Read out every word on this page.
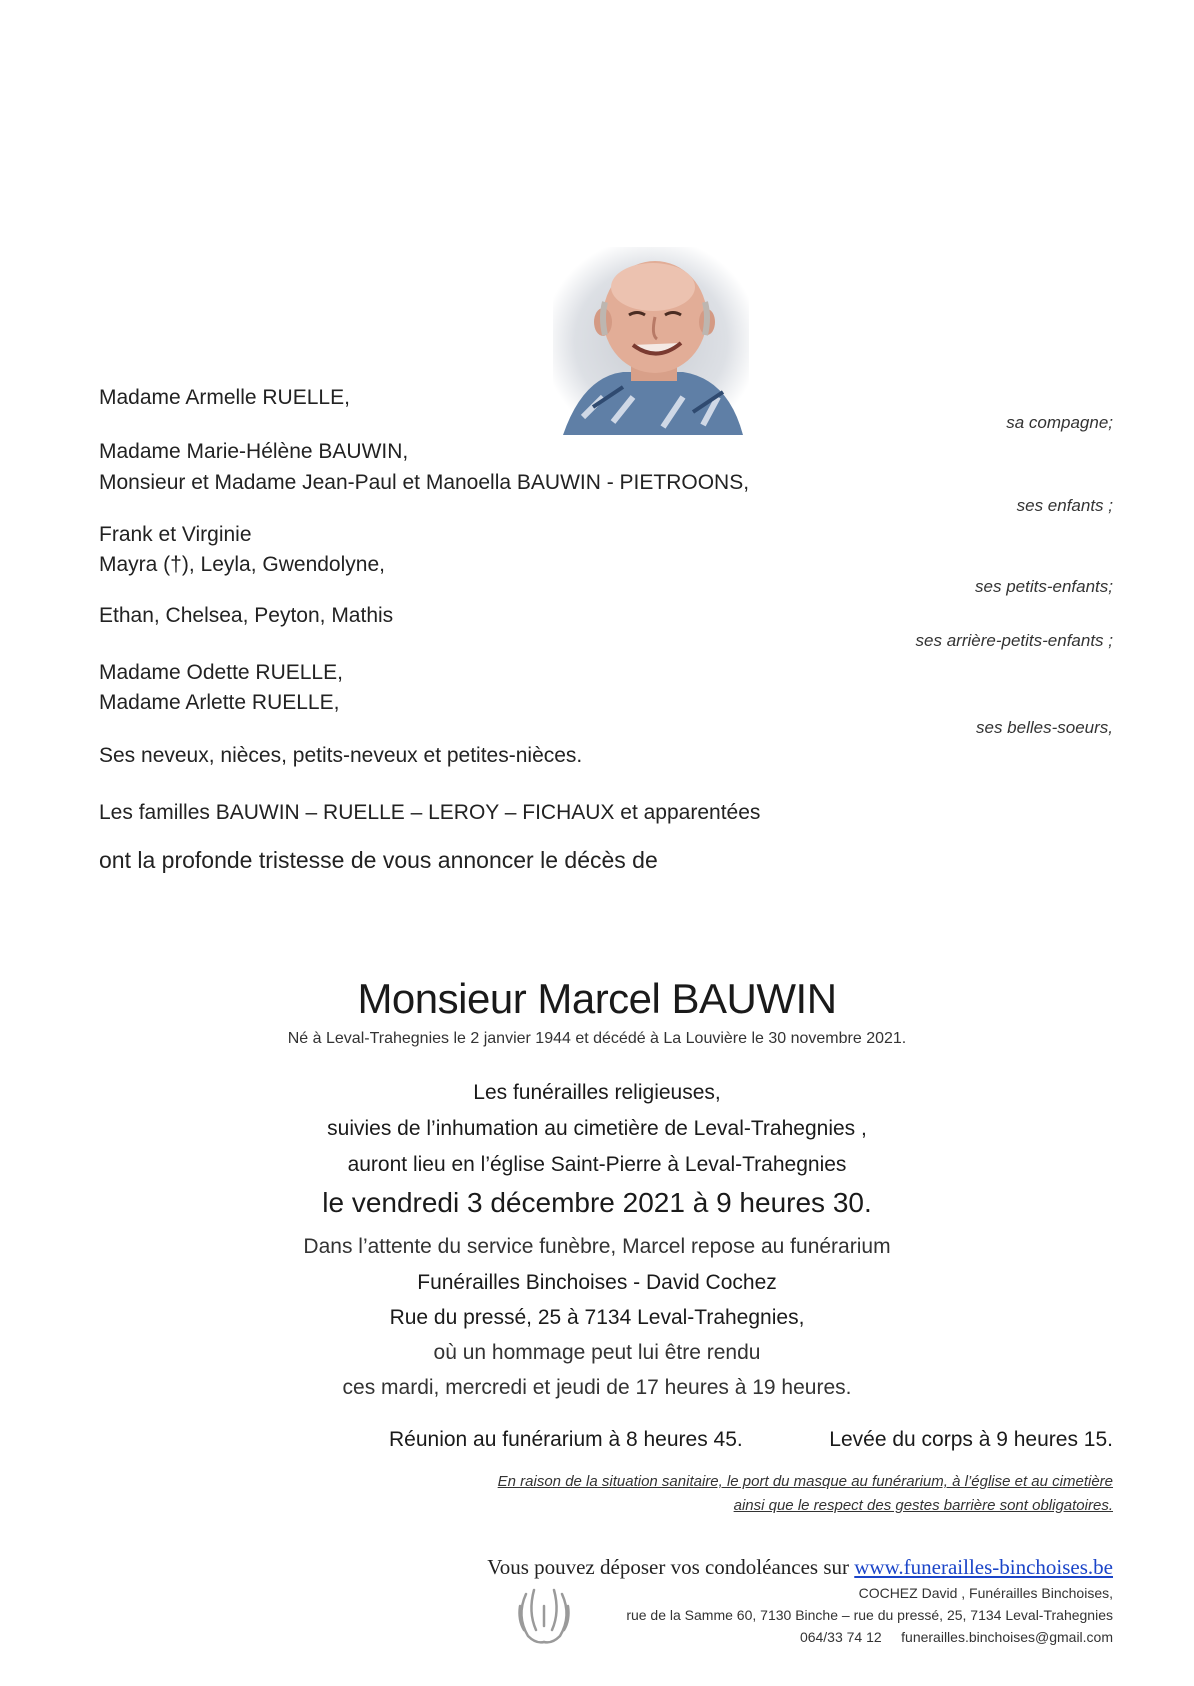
Madame Armelle RUELLE,

sa compagne;

Madame Marie-Hélène BAUWIN,

Monsieur et Madame Jean-Paul et Manoella BAUWIN - PIETROONS,

ses enfants ;

Frank et Virginie

Mayra (†), Leyla, Gwendolyne,

ses petits-enfants;

Ethan, Chelsea, Peyton, Mathis

ses arrière-petits-enfants ;

Madame Odette RUELLE,

Madame Arlette RUELLE,

ses belles-soeurs,

Ses neveux, nièces, petits-neveux et petites-nièces.

Les familles BAUWIN – RUELLE – LEROY – FICHAUX et apparentées

ont la profonde tristesse de vous annoncer le décès de

Monsieur Marcel BAUWIN

Né à Leval-Trahegnies le 2 janvier 1944 et décédé à La Louvière le 30 novembre 2021.

Les funérailles religieuses,

suivies de l’inhumation au cimetière de Leval-Trahegnies ,

auront lieu en l’église Saint-Pierre à Leval-Trahegnies

le vendredi 3 décembre 2021 à 9 heures 30.

Dans l’attente du service funèbre, Marcel repose au funérarium

Funérailles Binchoises - David Cochez

Rue du pressé, 25 à 7134 Leval-Trahegnies,

où un hommage peut lui être rendu

ces mardi, mercredi et jeudi de 17 heures à 19 heures.

Réunion au funérarium à 8 heures 45.	Levée du corps à 9 heures 15.

En raison de la situation sanitaire, le port du masque au funérarium, à l’église et au cimetière

ainsi que le respect des gestes barrière sont obligatoires.

Vous pouvez déposer vos condoléances sur www.funerailles-binchoises.be

COCHEZ David , Funérailles Binchoises,

rue de la Samme 60, 7130 Binche – rue du pressé, 25, 7134 Leval-Trahegnies

064/33 74 12 funerailles.binchoises@gmail.com
